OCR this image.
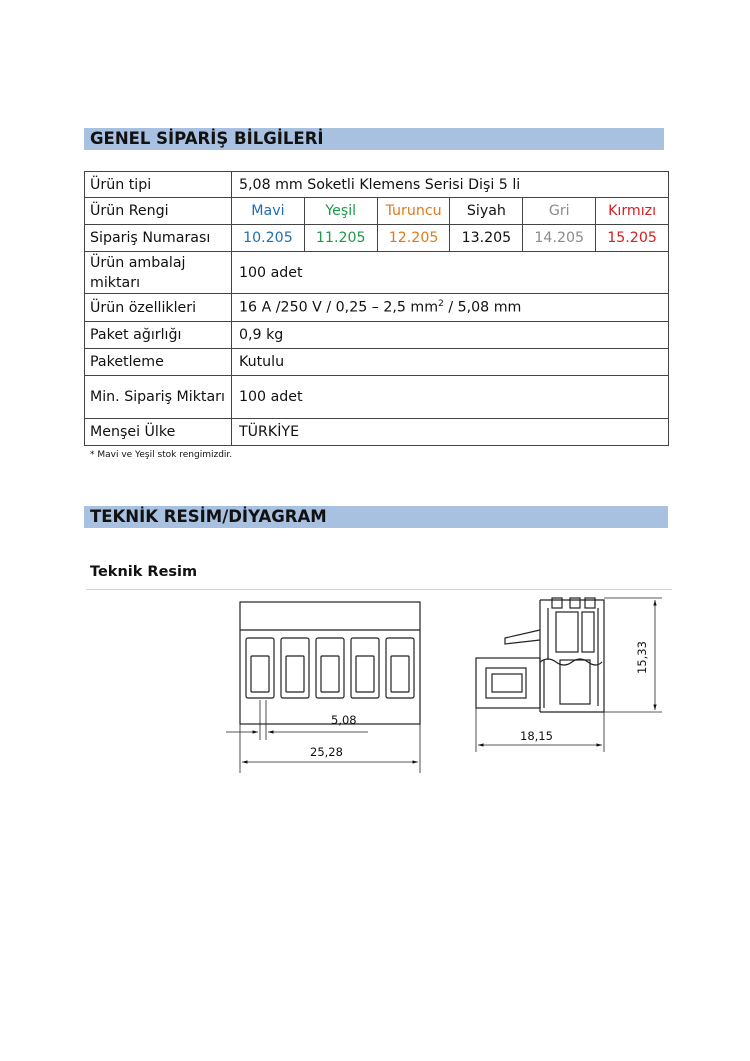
GENEL SİPARİŞ BİLGİLERİ
Ürün tipi	5,08 mm Soketli Klemens Serisi Dişi 5 li					
Ürün Rengi	Mavi	Yeşil	Turuncu	Siyah	Gri	Kırmızı
Sipariş Numarası	10.205	11.205	12.205	13.205	14.205	15.205
Ürün ambalaj miktarı	100 adet					
Ürün özellikleri	16 A /250 V / 0,25 – 2,5 $mm^2 / 5,08$ mm					
Paket ağırlığı	0,9 kg					
Paketleme	Kutulu					
Min. Sipariş Miktarı	100 adet					
Menşei Ülke	TÜRKİYE					
* Mavi ve Yeşil stok rengimizdir.
TEKNİK RESİM/DİYAGRAM
Teknik Resim
5,08
25,28
18,15
15,33
